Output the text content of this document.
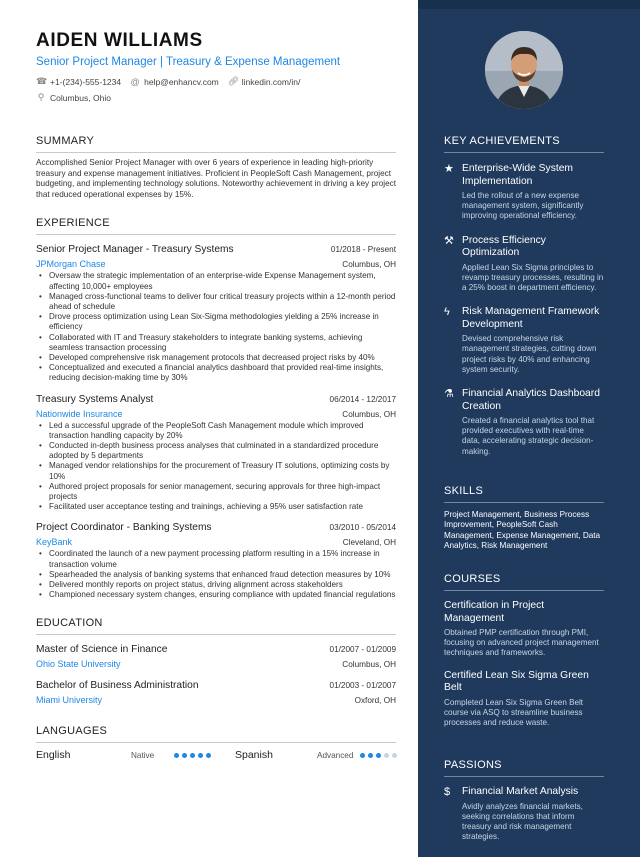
AIDEN WILLIAMS
Senior Project Manager | Treasury & Expense Management
☎ +1-(234)-555-1234 @ help@enhancv.com 🔗︎ linkedin.com/in/
⚲ Columbus, Ohio
SUMMARY
Accomplished Senior Project Manager with over 6 years of experience in leading high-priority treasury and expense management initiatives. Proficient in PeopleSoft Cash Management, project budgeting, and implementing technology solutions. Noteworthy achievement in driving a key project that reduced operational expenses by 15%.
EXPERIENCE
Senior Project Manager - Treasury Systems	01/2018 - Present
JPMorgan Chase	Columbus, OH
• Oversaw the strategic implementation of an enterprise-wide Expense Management system, affecting 10,000+ employees
• Managed cross-functional teams to deliver four critical treasury projects within a 12-month period ahead of schedule
• Drove process optimization using Lean Six-Sigma methodologies yielding a 25% increase in efficiency
• Collaborated with IT and Treasury stakeholders to integrate banking systems, achieving seamless transaction processing
• Developed comprehensive risk management protocols that decreased project risks by 40%
• Conceptualized and executed a financial analytics dashboard that provided real-time insights, reducing decision-making time by 30%
Treasury Systems Analyst	06/2014 - 12/2017
Nationwide Insurance	Columbus, OH
• Led a successful upgrade of the PeopleSoft Cash Management module which improved transaction handling capacity by 20%
• Conducted in-depth business process analyses that culminated in a standardized procedure adopted by 5 departments
• Managed vendor relationships for the procurement of Treasury IT solutions, optimizing costs by 10%
• Authored project proposals for senior management, securing approvals for three high-impact projects
• Facilitated user acceptance testing and trainings, achieving a 95% user satisfaction rate
Project Coordinator - Banking Systems	03/2010 - 05/2014
KeyBank	Cleveland, OH
• Coordinated the launch of a new payment processing platform resulting in a 15% increase in transaction volume
• Spearheaded the analysis of banking systems that enhanced fraud detection measures by 10%
• Delivered monthly reports on project status, driving alignment across stakeholders
• Championed necessary system changes, ensuring compliance with updated financial regulations
EDUCATION
Master of Science in Finance	01/2007 - 01/2009
Ohio State University	Columbus, OH
Bachelor of Business Administration	01/2003 - 01/2007
Miami University	Oxford, OH
LANGUAGES
English	Native	Spanish	Advanced
KEY ACHIEVEMENTS
★ Enterprise-Wide System Implementation
Led the rollout of a new expense management system, significantly improving operational efficiency.
⚒ Process Efficiency Optimization
Applied Lean Six Sigma principles to revamp treasury processes, resulting in a 25% boost in department efficiency.
ϟ	Risk Management Framework Development
Devised comprehensive risk management strategies, cutting down project risks by 40% and enhancing system security.
⚗ Financial Analytics Dashboard Creation
Created a financial analytics tool that provided executives with real-time data, accelerating strategic decision-making.
SKILLS
Project Management, Business Process Improvement, PeopleSoft Cash Management, Expense Management, Data Analytics, Risk Management
COURSES
Certification in Project Management
Obtained PMP certification through PMI, focusing on advanced project management techniques and frameworks.
Certified Lean Six Sigma Green Belt
Completed Lean Six Sigma Green Belt course via ASQ to streamline business processes and reduce waste.
PASSIONS
$	Financial Market Analysis
Avidly analyzes financial markets, seeking correlations that inform treasury and risk management strategies.
